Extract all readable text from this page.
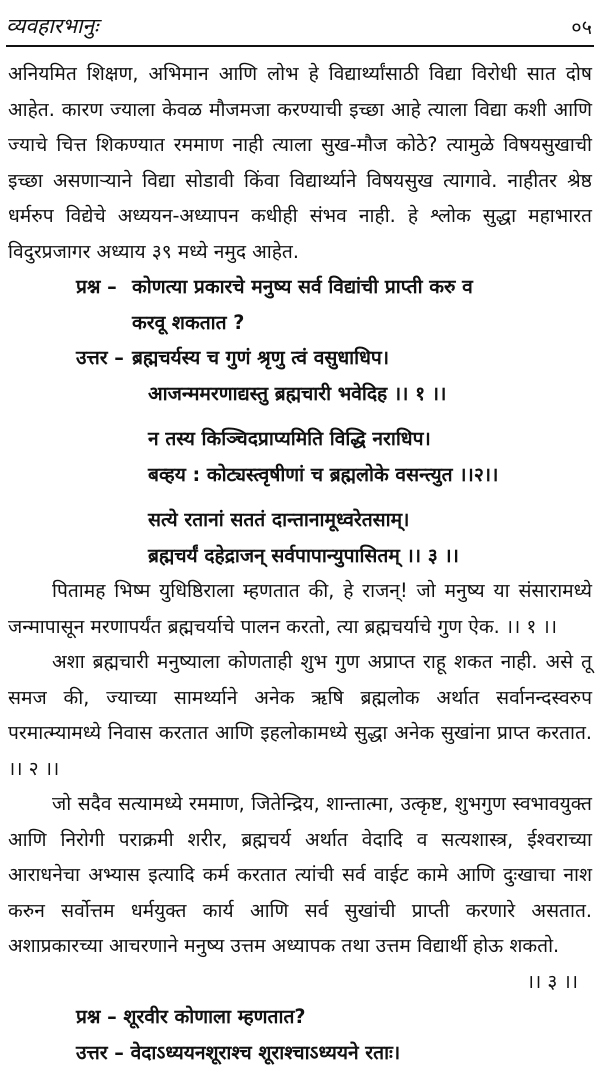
व्यवहारभानुः	०५

अनियमित शिक्षण, अभिमान आणि लोभ हे विद्यार्थ्यांसाठी विद्या विरोधी सात दोष आहेत. कारण ज्याला केवळ मौजमजा करण्याची इच्छा आहे त्याला विद्या कशी आणि ज्याचे चित्त शिकण्यात रममाण नाही त्याला सुख-मौज कोठे? त्यामुळे विषयसुखाची इच्छा असणाऱ्याने विद्या सोडावी किंवा विद्यार्थ्याने विषयसुख त्यागावे. नाहीतर श्रेष्ठ धर्मरुप विद्येचे अध्ययन-अध्यापन कधीही संभव नाही. हे श्लोक सुद्धा महाभारत विदुरप्रजागर अध्याय ३९ मध्ये नमुद आहेत.

प्रश्न – कोणत्या प्रकारचे मनुष्य सर्व विद्यांची प्राप्ती करु व
करवू शकतात ?
उत्तर – ब्रह्मचर्यस्य च गुणं श्रृणु त्वं वसुधाधिप।
आजन्ममरणाद्यस्तु ब्रह्मचारी भवेदिह ।। १ ।।
न तस्य किञ्चिदप्राप्यमिति विद्धि नराधिप।
बव्हय : कोट्यस्त्वृषीणां च ब्रह्मलोके वसन्त्युत ।।२।।
सत्ये रतानां सततं दान्तानामूध्वरेतसाम्।
ब्रह्मचर्यं दहेद्राजन् सर्वपापान्युपासितम् ।। ३ ।।

पितामह भिष्म युधिष्ठिराला म्हणतात की, हे राजन्! जो मनुष्य या संसारामध्ये जन्मापासून मरणापर्यंत ब्रह्मचर्याचे पालन करतो, त्या ब्रह्मचर्याचे गुण ऐक. ।। १ ।।

अशा ब्रह्मचारी मनुष्याला कोणताही शुभ गुण अप्राप्त राहू शकत नाही. असे तू समज की, ज्याच्या सामर्थ्याने अनेक ऋषि ब्रह्मलोक अर्थात सर्वानन्दस्वरुप परमात्म्यामध्ये निवास करतात आणि इहलोकामध्ये सुद्धा अनेक सुखांना प्राप्त करतात. ।। २ ।।

जो सदैव सत्यामध्ये रममाण, जितेन्द्रिय, शान्तात्मा, उत्कृष्ट, शुभगुण स्वभावयुक्त आणि निरोगी पराक्रमी शरीर, ब्रह्मचर्य अर्थात वेदादि व सत्यशास्त्र, ईश्वराच्या आराधनेचा अभ्यास इत्यादि कर्म करतात त्यांची सर्व वाईट कामे आणि दुःखाचा नाश करुन सर्वोत्तम धर्मयुक्त कार्य आणि सर्व सुखांची प्राप्ती करणारे असतात. अशाप्रकारच्या आचरणाने मनुष्य उत्तम अध्यापक तथा उत्तम विद्यार्थी होऊ शकतो.

।। ३ ।।
प्रश्न – शूरवीर कोणाला म्हणतात?
उत्तर – वेदाऽध्ययनशूराश्च शूराश्चाऽध्ययने रताः।
